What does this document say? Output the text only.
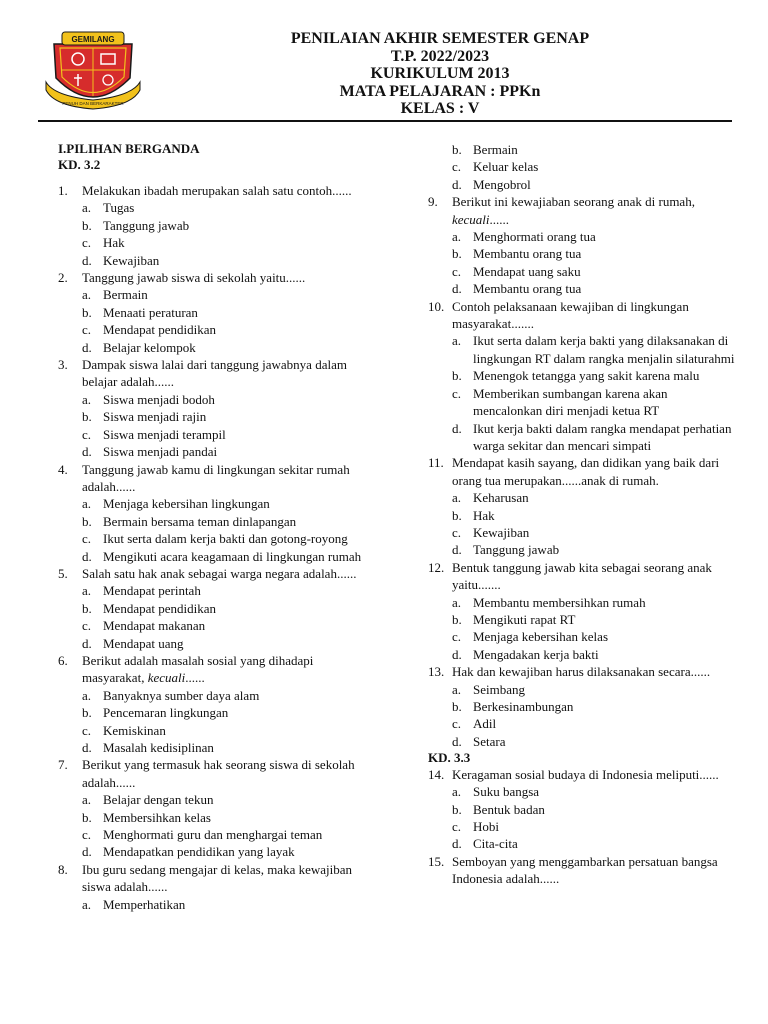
GEMILANG
PENUH DAN BERKARAKTER
PENILAIAN AKHIR SEMESTER GENAP
T.P. 2022/2023
KURIKULUM 2013
MATA PELAJARAN : PPKn
KELAS : V
I.PILIHAN BERGANDA
KD. 3.2
1.	Melakukan ibadah merupakan salah satu contoh......
a. Tugas
b. Tanggung jawab
c. Hak
d. Kewajiban
2.	Tanggung jawab siswa di sekolah yaitu......
a. Bermain
b. Menaati peraturan
c. Mendapat pendidikan
d. Belajar kelompok
3.	Dampak siswa lalai dari tanggung jawabnya dalam belajar adalah......
a. Siswa menjadi bodoh
b. Siswa menjadi rajin
c. Siswa menjadi terampil
d. Siswa menjadi pandai
4.	Tanggung jawab kamu di lingkungan sekitar rumah adalah......
a. Menjaga kebersihan lingkungan
b. Bermain bersama teman dinlapangan
c. Ikut serta dalam kerja bakti dan gotong-royong
d. Mengikuti acara keagamaan di lingkungan rumah
5.	Salah satu hak anak sebagai warga negara adalah......
a. Mendapat perintah
b. Mendapat pendidikan
c. Mendapat makanan
d. Mendapat uang
6.	Berikut adalah masalah sosial yang dihadapi masyarakat, kecuali......
a. Banyaknya sumber daya alam
b. Pencemaran lingkungan
c. Kemiskinan
d. Masalah kedisiplinan
7.	Berikut yang termasuk hak seorang siswa di sekolah adalah......
a. Belajar dengan tekun
b. Membersihkan kelas
c. Menghormati guru dan menghargai teman
d. Mendapatkan pendidikan yang layak
8.	Ibu guru sedang mengajar di kelas, maka kewajiban siswa adalah......
a. Memperhatikan
b. Bermain
c. Keluar kelas
d. Mengobrol
9.	Berikut ini kewajiaban seorang anak di rumah, kecuali......
a. Menghormati orang tua
b. Membantu orang tua
c. Mendapat uang saku
d. Membantu orang tua
10. Contoh pelaksanaan kewajiban di lingkungan masyarakat.......
a. Ikut serta dalam kerja bakti yang dilaksanakan di lingkungan RT dalam rangka menjalin silaturahmi
b. Menengok tetangga yang sakit karena malu
c. Memberikan sumbangan karena akan mencalonkan diri menjadi ketua RT
d. Ikut kerja bakti dalam rangka mendapat perhatian warga sekitar dan mencari simpati
11. Mendapat kasih sayang, dan didikan yang baik dari orang tua merupakan......anak di rumah.
a. Keharusan
b. Hak
c. Kewajiban
d. Tanggung jawab
12. Bentuk tanggung jawab kita sebagai seorang anak yaitu.......
a. Membantu membersihkan rumah
b. Mengikuti rapat RT
c. Menjaga kebersihan kelas
d. Mengadakan kerja bakti
13. Hak dan kewajiban harus dilaksanakan secara......
a. Seimbang
b. Berkesinambungan
c. Adil
d. Setara
KD. 3.3
14. Keragaman sosial budaya di Indonesia meliputi......
a. Suku bangsa
b. Bentuk badan
c. Hobi
d. Cita-cita
15. Semboyan yang menggambarkan persatuan bangsa Indonesia adalah......
